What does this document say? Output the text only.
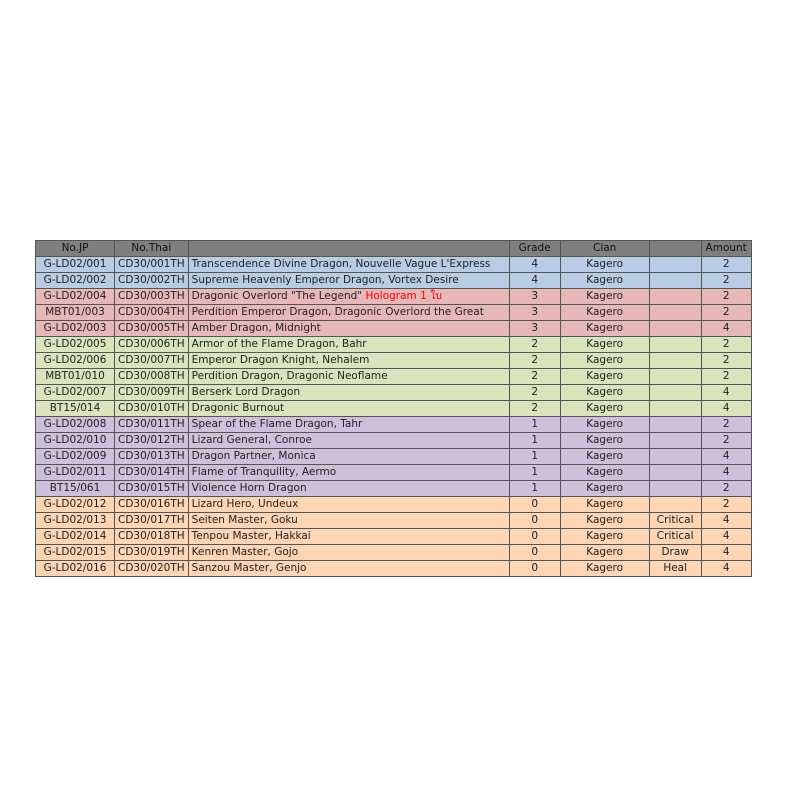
No.JP	No.Thai		Grade	Clan		Amount
G-LD02/001	CD30/001TH	Transcendence Divine Dragon, Nouvelle Vague L'Express	4	Kagero		2
G-LD02/002	CD30/002TH	Supreme Heavenly Emperor Dragon, Vortex Desire	4	Kagero		2
G-LD02/004	CD30/003TH	Dragonic Overlord "The Legend" Hologram 1 ใบ	3	Kagero		2
MBT01/003	CD30/004TH	Perdition Emperor Dragon, Dragonic Overlord the Great	3	Kagero		2
G-LD02/003	CD30/005TH	Amber Dragon, Midnight	3	Kagero		4
G-LD02/005	CD30/006TH	Armor of the Flame Dragon, Bahr	2	Kagero		2
G-LD02/006	CD30/007TH	Emperor Dragon Knight, Nehalem	2	Kagero		2
MBT01/010	CD30/008TH	Perdition Dragon, Dragonic Neoflame	2	Kagero		2
G-LD02/007	CD30/009TH	Berserk Lord Dragon	2	Kagero		4
BT15/014	CD30/010TH	Dragonic Burnout	2	Kagero		4
G-LD02/008	CD30/011TH	Spear of the Flame Dragon, Tahr	1	Kagero		2
G-LD02/010	CD30/012TH	Lizard General, Conroe	1	Kagero		2
G-LD02/009	CD30/013TH	Dragon Partner, Monica	1	Kagero		4
G-LD02/011	CD30/014TH	Flame of Tranquility, Aermo	1	Kagero		4
BT15/061	CD30/015TH	Violence Horn Dragon	1	Kagero		2
G-LD02/012	CD30/016TH	Lizard Hero, Undeux	0	Kagero		2
G-LD02/013	CD30/017TH	Seiten Master, Goku	0	Kagero	Critical	4
G-LD02/014	CD30/018TH	Tenpou Master, Hakkai	0	Kagero	Critical	4
G-LD02/015	CD30/019TH	Kenren Master, Gojo	0	Kagero	Draw	4
G-LD02/016	CD30/020TH	Sanzou Master, Genjo	0	Kagero	Heal	4
